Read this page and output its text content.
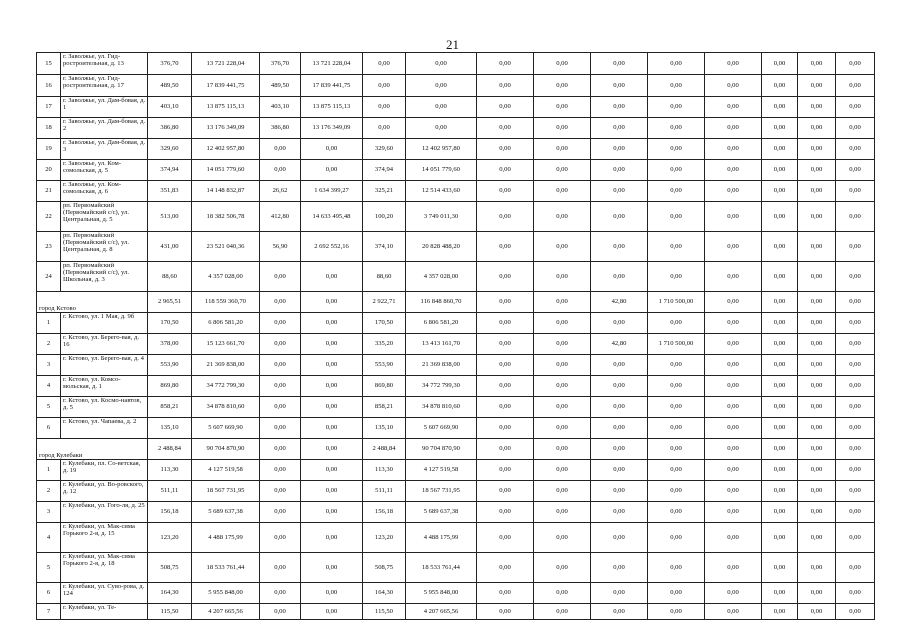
21
15	г. Заволжье, ул. Гид-ростроительная, д. 13	376,70	13 721 228,04	376,70	13 721 228,04	0,00	0,00	0,00	0,00	0,00	0,00	0,00	0,00	0,00	0,00
16	г. Заволжье, ул. Гид-ростроительная, д. 17	489,50	17 839 441,75	489,50	17 839 441,75	0,00	0,00	0,00	0,00	0,00	0,00	0,00	0,00	0,00	0,00
17	г. Заволжье, ул. Дам-бовая, д. 1	403,10	13 875 115,13	403,10	13 875 115,13	0,00	0,00	0,00	0,00	0,00	0,00	0,00	0,00	0,00	0,00
18	г. Заволжье, ул. Дам-бовая, д. 2	386,80	13 176 349,09	386,80	13 176 349,09	0,00	0,00	0,00	0,00	0,00	0,00	0,00	0,00	0,00	0,00
19	г. Заволжье, ул. Дам-бовая, д. 3	329,60	12 402 957,80	0,00	0,00	329,60	12 402 957,80	0,00	0,00	0,00	0,00	0,00	0,00	0,00	0,00
20	г. Заволжье, ул. Ком-сомольская, д. 5	374,94	14 051 779,60	0,00	0,00	374,94	14 051 779,60	0,00	0,00	0,00	0,00	0,00	0,00	0,00	0,00
21	г. Заволжье, ул. Ком-сомольская, д. 6	351,83	14 148 832,87	26,62	1 634 399,27	325,21	12 514 433,60	0,00	0,00	0,00	0,00	0,00	0,00	0,00	0,00
22	рп. Первомайский (Первомайский с/с), ул. Центральная, д. 5	513,00	18 382 506,78	412,80	14 633 495,48	100,20	3 749 011,30	0,00	0,00	0,00	0,00	0,00	0,00	0,00	0,00
23	рп. Первомайский (Первомайский с/с), ул. Центральная, д. 8	431,00	23 521 040,36	56,90	2 692 552,16	374,10	20 828 488,20	0,00	0,00	0,00	0,00	0,00	0,00	0,00	0,00
24	рп. Первомайский (Первомайский с/с), ул. Школьная, д. 3	88,60	4 357 028,00	0,00	0,00	88,60	4 357 028,00	0,00	0,00	0,00	0,00	0,00	0,00	0,00	0,00
город Кстово		2 965,51	118 559 360,70	0,00	0,00	2 922,71	116 848 860,70	0,00	0,00	42,80	1 710 500,00	0,00	0,00	0,00	0,00
1	г. Кстово, ул. 1 Мая, д. 9б	170,50	6 806 581,20	0,00	0,00	170,50	6 806 581,20	0,00	0,00	0,00	0,00	0,00	0,00	0,00	0,00
2	г. Кстово, ул. Берего-вая, д. 16	378,00	15 123 661,70	0,00	0,00	335,20	13 413 161,70	0,00	0,00	42,80	1 710 500,00	0,00	0,00	0,00	0,00
3	г. Кстово, ул. Берего-вая, д. 4	553,90	21 369 838,00	0,00	0,00	553,90	21 369 838,00	0,00	0,00	0,00	0,00	0,00	0,00	0,00	0,00
4	г. Кстово, ул. Комсо-мольская, д. 1	869,80	34 772 799,30	0,00	0,00	869,80	34 772 799,30	0,00	0,00	0,00	0,00	0,00	0,00	0,00	0,00
5	г. Кстово, ул. Космо-навтов, д. 5	858,21	34 878 810,60	0,00	0,00	858,21	34 878 810,60	0,00	0,00	0,00	0,00	0,00	0,00	0,00	0,00
6	г. Кстово, ул. Чапаева, д. 2	135,10	5 607 669,90	0,00	0,00	135,10	5 607 669,90	0,00	0,00	0,00	0,00	0,00	0,00	0,00	0,00
город Кулебаки		2 488,84	90 704 870,90	0,00	0,00	2 488,84	90 704 870,90	0,00	0,00	0,00	0,00	0,00	0,00	0,00	0,00
1	г. Кулебаки, пл. Со-ветская, д. 19	113,30	4 127 519,58	0,00	0,00	113,30	4 127 519,58	0,00	0,00	0,00	0,00	0,00	0,00	0,00	0,00
2	г. Кулебаки, ул. Во-ровского, д. 12	511,11	18 567 731,95	0,00	0,00	511,11	18 567 731,95	0,00	0,00	0,00	0,00	0,00	0,00	0,00	0,00
3	г. Кулебаки, ул. Гого-ля, д. 25	156,18	5 689 637,38	0,00	0,00	156,18	5 689 637,38	0,00	0,00	0,00	0,00	0,00	0,00	0,00	0,00
4	г. Кулебаки, ул. Мак-сима Горького 2-я, д. 15	123,20	4 488 175,99	0,00	0,00	123,20	4 488 175,99	0,00	0,00	0,00	0,00	0,00	0,00	0,00	0,00
5	г. Кулебаки, ул. Мак-сима Горького 2-я, д. 18	508,75	18 533 761,44	0,00	0,00	508,75	18 533 761,44	0,00	0,00	0,00	0,00	0,00	0,00	0,00	0,00
6	г. Кулебаки, ул. Суво-рова, д. 124	164,30	5 955 848,00	0,00	0,00	164,30	5 955 848,00	0,00	0,00	0,00	0,00	0,00	0,00	0,00	0,00
7	г. Кулебаки, ул. Те-	115,50	4 207 665,56	0,00	0,00	115,50	4 207 665,56	0,00	0,00	0,00	0,00	0,00	0,00	0,00	0,00
